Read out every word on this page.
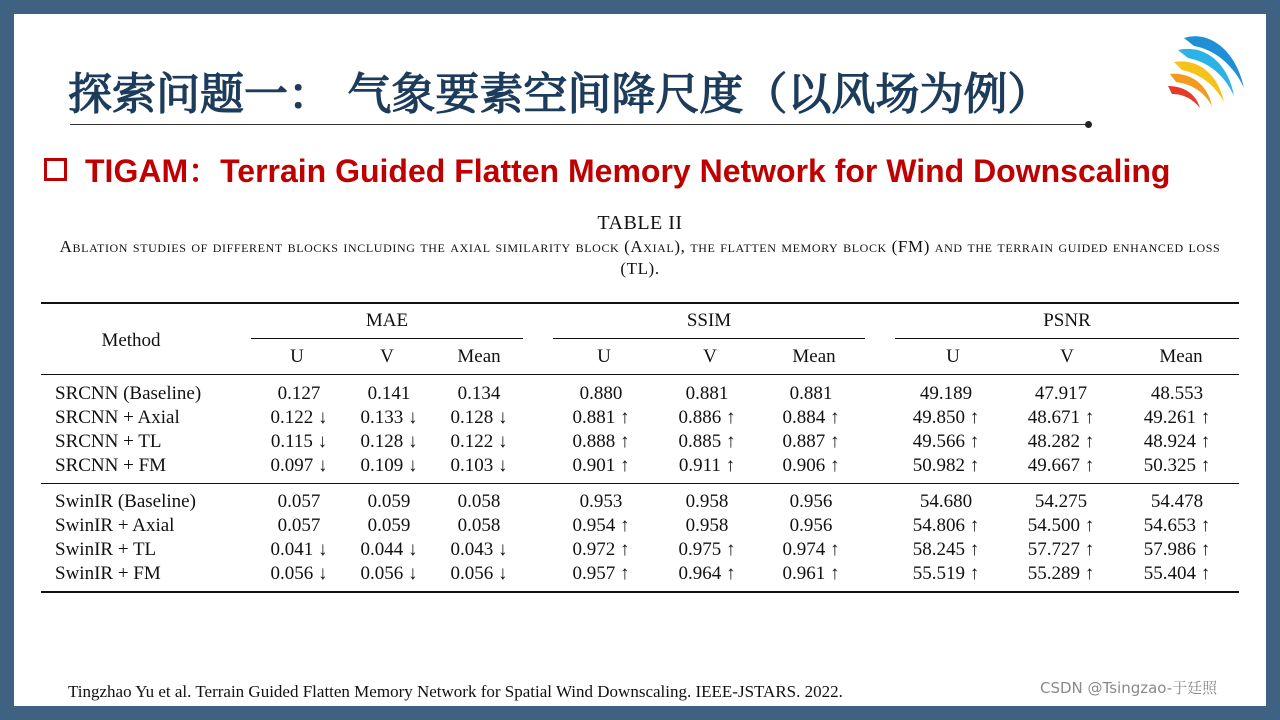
探索问题一： 气象要素空间降尺度（以风场为例）
TIGAM：Terrain Guided Flatten Memory Network for Wind Downscaling
TABLE II
Ablation studies of different blocks including the axial similarity block (Axial), the flatten memory block (FM) and the terrain guided enhanced loss (TL).
Method
MAE	SSIM	PSNR
U	V	Mean	U	V	Mean	U	V	Mean
SRCNN (Baseline)	0.127 0.141 0.134	0.880	0.881	0.881	49.189	47.917	48.553
SRCNN + Axial	0.122 ↓ 0.133 ↓ 0.128 ↓	0.881 ↑	0.886 ↑ 0.884 ↑	49.850 ↑	48.671 ↑	49.261 ↑
SRCNN + TL	0.115 ↓ 0.128 ↓ 0.122 ↓	0.888 ↑	0.885 ↑ 0.887 ↑	49.566 ↑	48.282 ↑	48.924 ↑
SRCNN + FM	0.097 ↓ 0.109 ↓ 0.103 ↓	0.901 ↑	0.911 ↑ 0.906 ↑	50.982 ↑	49.667 ↑	50.325 ↑
SwinIR (Baseline)	0.057 0.059 0.058	0.953	0.958	0.956	54.680	54.275	54.478
SwinIR + Axial	0.057 0.059 0.058	0.954 ↑	0.958	0.956	54.806 ↑	54.500 ↑	54.653 ↑
SwinIR + TL	0.041 ↓ 0.044 ↓ 0.043 ↓	0.972 ↑	0.975 ↑ 0.974 ↑	58.245 ↑	57.727 ↑	57.986 ↑
SwinIR + FM	0.056 ↓ 0.056 ↓ 0.056 ↓	0.957 ↑	0.964 ↑ 0.961 ↑	55.519 ↑	55.289 ↑	55.404 ↑
Tingzhao Yu et al. Terrain Guided Flatten Memory Network for Spatial Wind Downscaling. IEEE-JSTARS. 2022.	CSDN @Tsingzao-于廷照
